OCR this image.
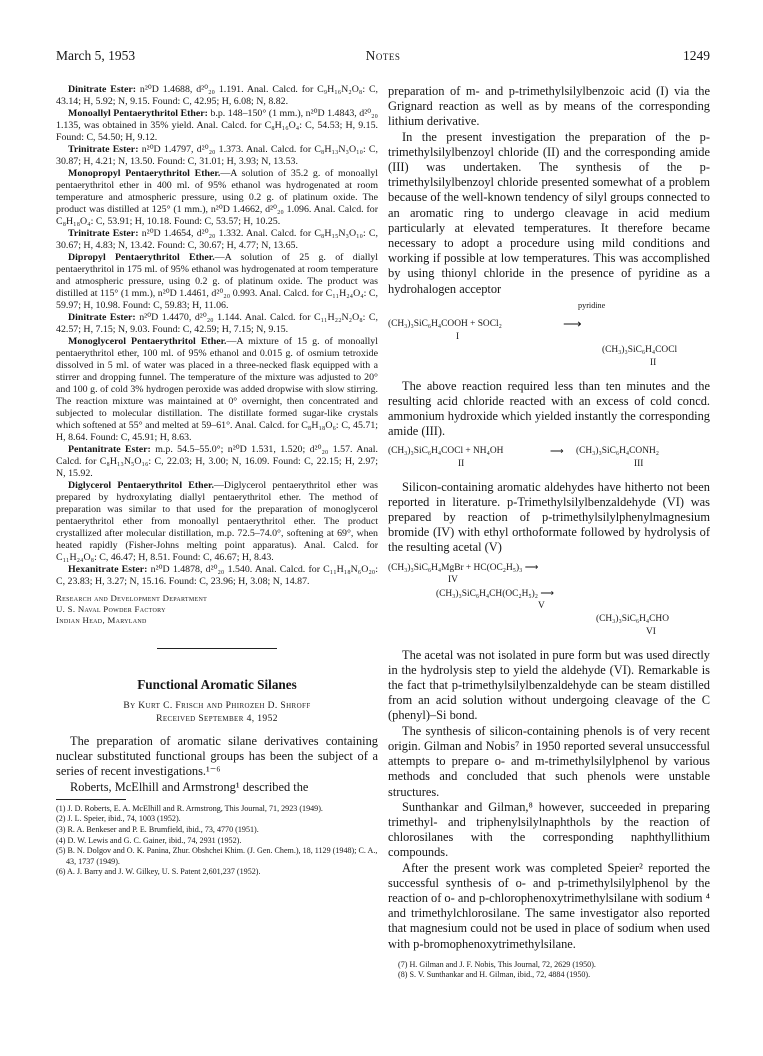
March 5, 1953	Notes	1249

Dinitrate Ester: n²⁰D 1.4688, d²⁰₂₀ 1.191. Anal. Calcd. for C₉H₁₆N₂O₈: C, 43.14; H, 5.92; N, 9.15. Found: C, 42.95; H, 6.08; N, 8.82.

Monoallyl Pentaerythritol Ether: b.p. 148–150° (1 mm.), n²⁰D 1.4843, d²⁰₂₀ 1.135, was obtained in 35% yield. Anal. Calcd. for C₈H₁₆O₄: C, 54.53; H, 9.15. Found: C, 54.50; H, 9.12.

Trinitrate Ester: n²⁰D 1.4797, d²⁰₂₀ 1.373. Anal. Calcd. for C₈H₁₃N₃O₁₀: C, 30.87; H, 4.21; N, 13.50. Found: C, 31.01; H, 3.93; N, 13.53.

Monopropyl Pentaerythritol Ether.—A solution of 35.2 g. of monoallyl pentaerythritol ether in 400 ml. of 95% ethanol was hydrogenated at room temperature and atmospheric pressure, using 0.2 g. of platinum oxide. The product was distilled at 125° (1 mm.), n²⁰D 1.4662, d²⁰₂₀ 1.096. Anal. Calcd. for C₈H₁₈O₄: C, 53.91; H, 10.18. Found: C, 53.57; H, 10.25.

Trinitrate Ester: n²⁰D 1.4654, d²⁰₂₀ 1.332. Anal. Calcd. for C₈H₁₅N₃O₁₀: C, 30.67; H, 4.83; N, 13.42. Found: C, 30.67; H, 4.77; N, 13.65.

Dipropyl Pentaerythritol Ether.—A solution of 25 g. of diallyl pentaerythritol in 175 ml. of 95% ethanol was hydrogenated at room temperature and atmospheric pressure, using 0.2 g. of platinum oxide. The product was distilled at 115° (1 mm.), n²⁰D 1.4461, d²⁰₂₀ 0.993. Anal. Calcd. for C₁₁H₂₄O₄: C, 59.97; H, 10.98. Found: C, 59.83; H, 11.06.

Dinitrate Ester: n²⁰D 1.4470, d²⁰₂₀ 1.144. Anal. Calcd. for C₁₁H₂₂N₂O₈: C, 42.57; H, 7.15; N, 9.03. Found: C, 42.59; H, 7.15; N, 9.15.

Monoglycerol Pentaerythritol Ether.—A mixture of 15 g. of monoallyl pentaerythritol ether, 100 ml. of 95% ethanol and 0.015 g. of osmium tetroxide dissolved in 5 ml. of water was placed in a three-necked flask equipped with a stirrer and dropping funnel. The temperature of the mixture was adjusted to 20° and 100 g. of cold 3% hydrogen peroxide was added dropwise with slow stirring. The reaction mixture was maintained at 0° overnight, then concentrated and subjected to molecular distillation. The distillate formed sugar-like crystals which softened at 55° and melted at 59–61°. Anal. Calcd. for C₈H₁₈O₆: C, 45.71; H, 8.64. Found: C, 45.91; H, 8.63.

Pentanitrate Ester: m.p. 54.5–55.0°; n²⁰D 1.531, 1.520; d²⁰₂₀ 1.57. Anal. Calcd. for C₈H₁₃N₅O₁₆: C, 22.03; H, 3.00; N, 16.09. Found: C, 22.15; H, 2.97; N, 15.92.

Diglycerol Pentaerythritol Ether.—Diglycerol pentaerythritol ether was prepared by hydroxylating diallyl pentaerythritol ether. The method of preparation was similar to that used for the preparation of monoglycerol pentaerythritol ether from monoallyl pentaerythritol ether. The product crystallized after molecular distillation, m.p. 72.5–74.0°, softening at 69°, when heated rapidly (Fisher-Johns melting point apparatus). Anal. Calcd. for C₁₁H₂₄O₈: C, 46.47; H, 8.51. Found: C, 46.67; H, 8.43.

Hexanitrate Ester: n²⁰D 1.4878, d²⁰₂₀ 1.540. Anal. Calcd. for C₁₁H₁₈N₆O₂₀: C, 23.83; H, 3.27; N, 15.16. Found: C, 23.96; H, 3.08; N, 14.87.

Research and Development Department
U. S. Naval Powder Factory
Indian Head, Maryland
Functional Aromatic Silanes
By Kurt C. Frisch and Phirozeh D. Shroff
Received September 4, 1952

The preparation of aromatic silane derivatives containing nuclear substituted functional groups has been the subject of a series of recent investigations.¹⁻⁶

Roberts, McElhill and Armstrong¹ described the

(1) J. D. Roberts, E. A. McElhill and R. Armstrong, This Journal, 71, 2923 (1949).

(2) J. L. Speier, ibid., 74, 1003 (1952).

(3) R. A. Benkeser and P. E. Brumfield, ibid., 73, 4770 (1951).

(4) D. W. Lewis and G. C. Gainer, ibid., 74, 2931 (1952).

(5) B. N. Dolgov and O. K. Panina, Zhur. Obshchei Khim. (J. Gen. Chem.), 18, 1129 (1948); C. A., 43, 1737 (1949).

(6) A. J. Barry and J. W. Gilkey, U. S. Patent 2,601,237 (1952).

preparation of m- and p-trimethylsilylbenzoic acid (I) via the Grignard reaction as well as by means of the corresponding lithium derivative.

In the present investigation the preparation of the p-trimethylsilylbenzoyl chloride (II) and the corresponding amide (III) was undertaken. The synthesis of the p-trimethylsilylbenzoyl chloride presented somewhat of a problem because of the well-known tendency of silyl groups connected to an aromatic ring to undergo cleavage in acid medium particularly at elevated temperatures. It therefore became necessary to adopt a procedure using mild conditions and working if possible at low temperatures. This was accomplished by using thionyl chloride in the presence of pyridine as a hydrohalogen acceptor

pyridine
(CH₃)₃SiC₆H₄COOH + SOCl₂	⟶
I
(CH₃)₃SiC₆H₄COCl
II

The above reaction required less than ten minutes and the resulting acid chloride reacted with an excess of cold concd. ammonium hydroxide which yielded instantly the corresponding amide (III).

(CH₃)₃SiC₆H₄COCl + NH₄OH	⟶ (CH₃)₃SiC₆H₄CONH₂
II	III

Silicon-containing aromatic aldehydes have hitherto not been reported in literature. p-Trimethylsilylbenzaldehyde (VI) was prepared by reaction of p-trimethylsilylphenylmagnesium bromide (IV) with ethyl orthoformate followed by hydrolysis of the resulting acetal (V)

(CH₃)₃SiC₆H₄MgBr + HC(OC₂H₅)₃ ⟶
IV
(CH₃)₃SiC₆H₄CH(OC₂H₅)₂ ⟶
V
(CH₃)₃SiC₆H₄CHO
VI

The acetal was not isolated in pure form but was used directly in the hydrolysis step to yield the aldehyde (VI). Remarkable is the fact that p-trimethylsilylbenzaldehyde can be steam distilled from an acid solution without undergoing cleavage of the C (phenyl)–Si bond.

The synthesis of silicon-containing phenols is of very recent origin. Gilman and Nobis⁷ in 1950 reported several unsuccessful attempts to prepare o- and m-trimethylsilylphenol by various methods and concluded that such phenols were unstable structures.

Sunthankar and Gilman,⁸ however, succeeded in preparing trimethyl- and triphenylsilylnaphthols by the reaction of chlorosilanes with the corresponding naphthyllithium compounds.

After the present work was completed Speier² reported the successful synthesis of o- and p-trimethylsilylphenol by the reaction of o- and p-chlorophenoxytrimethylsilane with sodium ⁴ and trimethylchlorosilane. The same investigator also reported that magnesium could not be used in place of sodium when used with p-bromophenoxytrimethylsilane.

(7) H. Gilman and J. F. Nobis, This Journal, 72, 2629 (1950).

(8) S. V. Sunthankar and H. Gilman, ibid., 72, 4884 (1950).
